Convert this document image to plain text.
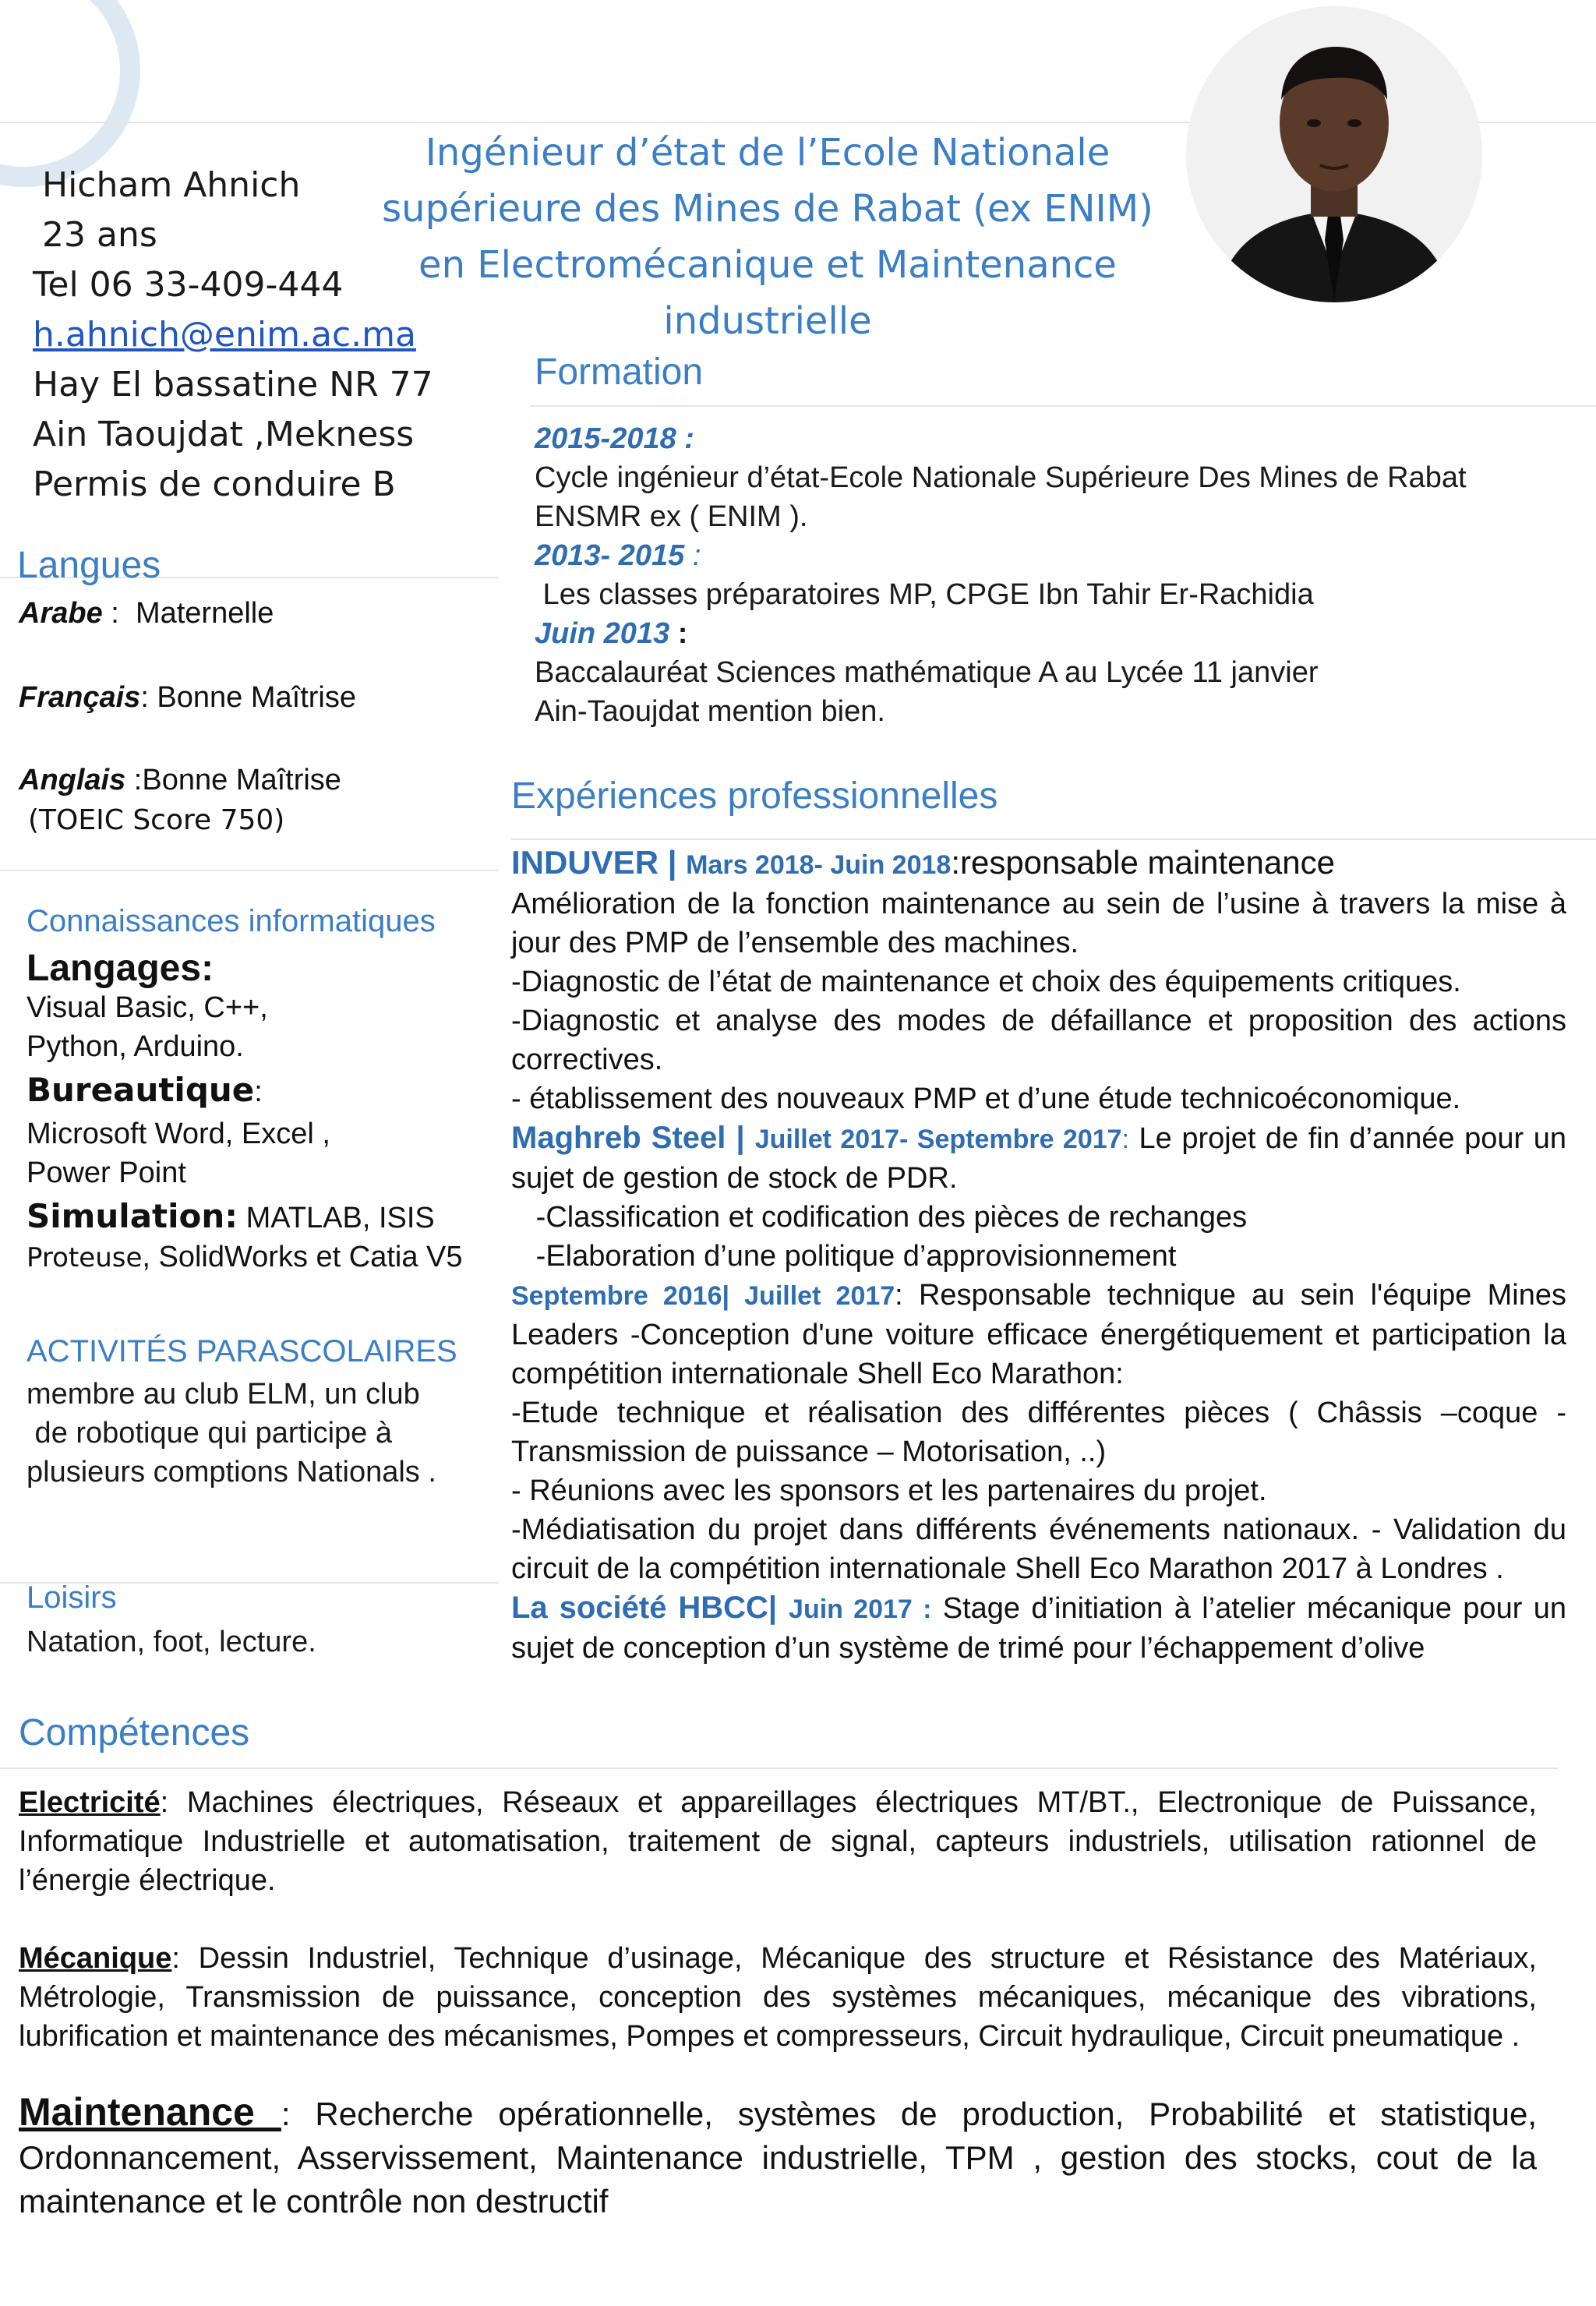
Hicham Ahnich
23 ans
Tel 06 33-409-444
h.ahnich@enim.ac.ma
Hay El bassatine NR 77
Ain Taoujdat ,Mekness
Permis de conduire B
Ingénieur d’état de l’Ecole Nationale
supérieure des Mines de Rabat (ex ENIM)
en Electromécanique et Maintenance
industrielle
Formation
2015-2018 :
Cycle ingénieur d’état-Ecole Nationale Supérieure Des Mines de Rabat
ENSMR ex ( ENIM ).
2013- 2015 :
Les classes préparatoires MP, CPGE Ibn Tahir Er-Rachidia
Juin 2013 :
Baccalauréat Sciences mathématique A au Lycée 11 janvier
Ain-Taoujdat mention bien.
Langues
Arabe :  Maternelle
Français: Bonne Maîtrise
Anglais :Bonne Maîtrise
(TOEIC Score 750)
Connaissances informatiques
Langages:
Visual Basic, C++,
Python, Arduino.
Bureautique:
Microsoft Word, Excel ,
Power Point
Simulation: MATLAB, ISIS
Proteuse, SolidWorks et Catia V5
ACTIVITÉS PARASCOLAIRES
membre au club ELM, un club
de robotique qui participe à
plusieurs comptions Nationals .
Loisirs
Natation, foot, lecture.
Expériences professionnelles

INDUVER | Mars 2018- Juin 2018:responsable maintenance

Amélioration de la fonction maintenance au sein de l’usine à travers la mise à jour des PMP de l’ensemble des machines.

-Diagnostic de l’état de maintenance et choix des équipements critiques.

-Diagnostic et analyse des modes de défaillance et proposition des actions correctives.

- établissement des nouveaux PMP et d’une étude technicoéconomique.

Maghreb Steel | Juillet 2017- Septembre 2017: Le projet de fin d’année pour un sujet de gestion de stock de PDR.

-Classification et codification des pièces de rechanges

-Elaboration d’une politique d’approvisionnement

Septembre 2016| Juillet 2017: Responsable technique au sein l'équipe Mines Leaders -Conception d'une voiture efficace énergétiquement et participation la compétition internationale Shell Eco Marathon:

-Etude technique et réalisation des différentes pièces ( Châssis –coque - Transmission de puissance – Motorisation, ..)

- Réunions avec les sponsors et les partenaires du projet.

-Médiatisation du projet dans différents événements nationaux. - Validation du circuit de la compétition internationale Shell Eco Marathon 2017 à Londres .

La société HBCC| Juin 2017 : Stage d’initiation à l’atelier mécanique pour un sujet de conception d’un système de trimé pour l’échappement d’olive

Compétences

Electricité: Machines électriques, Réseaux et appareillages électriques MT/BT., Electronique de Puissance, Informatique Industrielle et automatisation, traitement de signal, capteurs industriels, utilisation rationnel de l’énergie électrique.

Mécanique: Dessin Industriel, Technique d’usinage, Mécanique des structure et Résistance des Matériaux, Métrologie, Transmission de puissance, conception des systèmes mécaniques, mécanique des vibrations, lubrification et maintenance des mécanismes, Pompes et compresseurs, Circuit hydraulique, Circuit pneumatique .

Maintenance : Recherche opérationnelle, systèmes de production, Probabilité et statistique, Ordonnancement, Asservissement, Maintenance industrielle, TPM , gestion des stocks, cout de la maintenance et le contrôle non destructif
